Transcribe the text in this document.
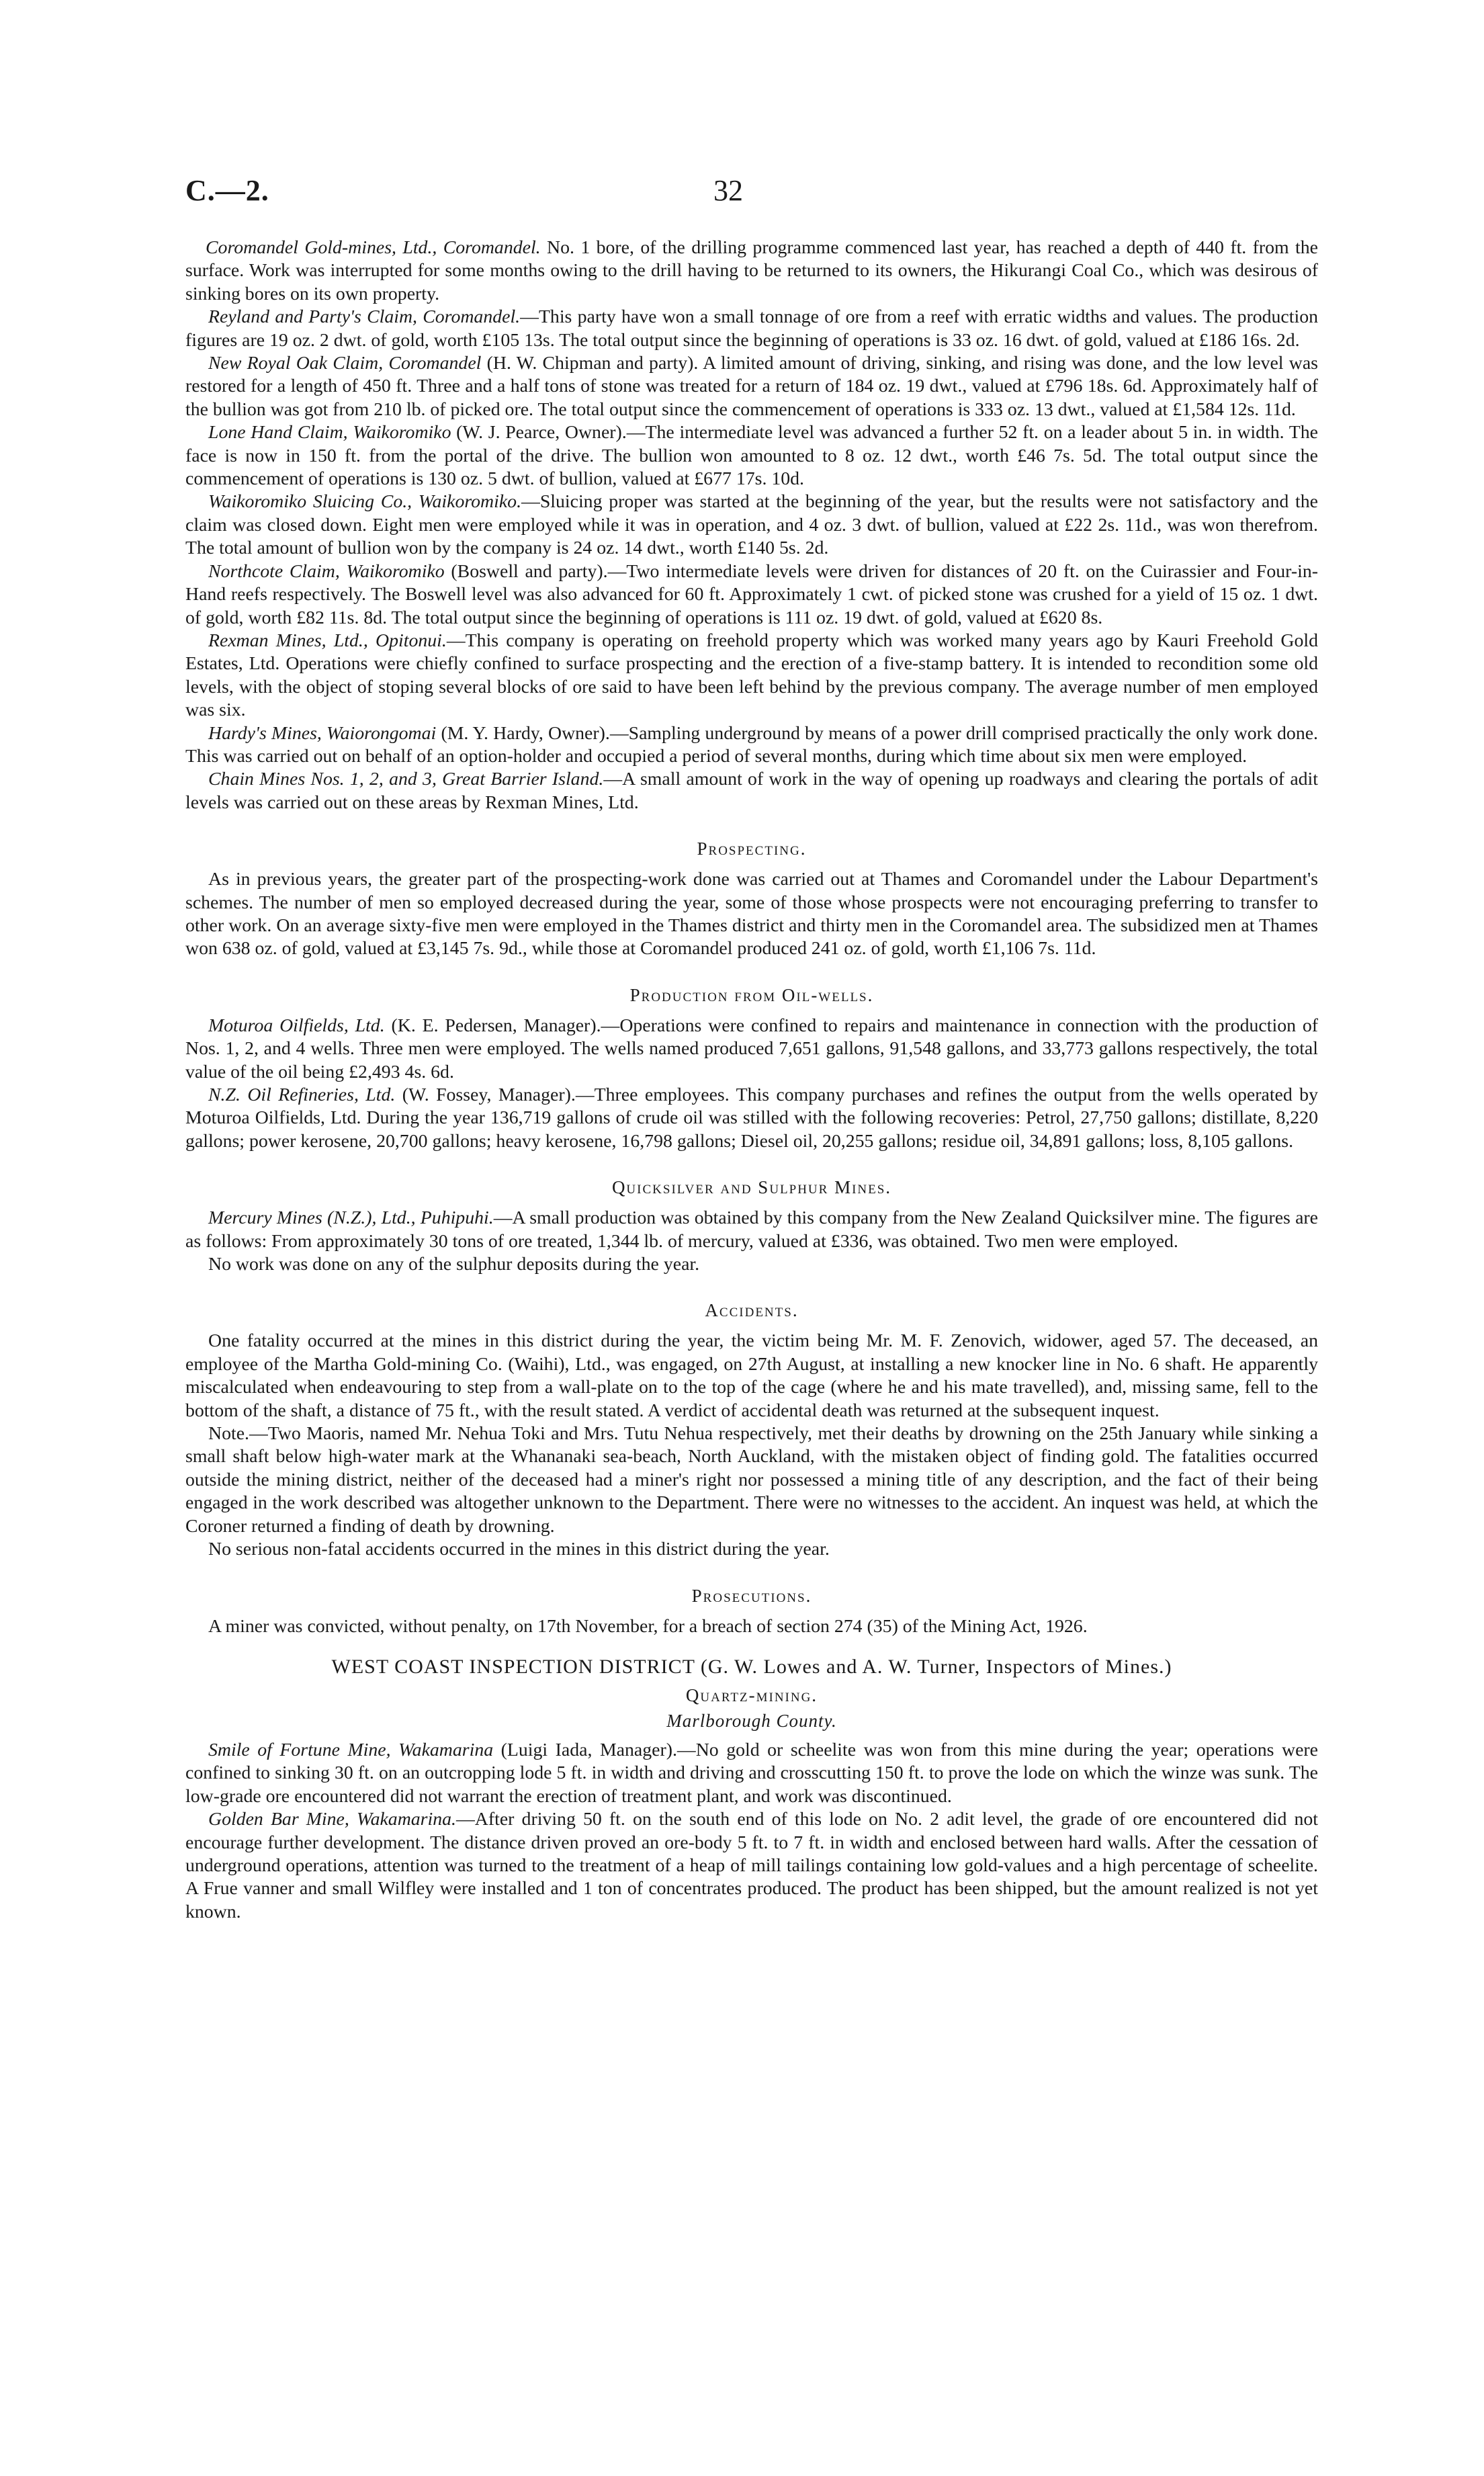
C.—2.	32

Coromandel Gold-mines, Ltd., Coromandel. No. 1 bore, of the drilling programme commenced last year, has reached a depth of 440 ft. from the surface. Work was interrupted for some months owing to the drill having to be returned to its owners, the Hikurangi Coal Co., which was desirous of sinking bores on its own property.

Reyland and Party's Claim, Coromandel.—This party have won a small tonnage of ore from a reef with erratic widths and values. The production figures are 19 oz. 2 dwt. of gold, worth £105 13s. The total output since the beginning of operations is 33 oz. 16 dwt. of gold, valued at £186 16s. 2d.

New Royal Oak Claim, Coromandel (H. W. Chipman and party). A limited amount of driving, sinking, and rising was done, and the low level was restored for a length of 450 ft. Three and a half tons of stone was treated for a return of 184 oz. 19 dwt., valued at £796 18s. 6d. Approximately half of the bullion was got from 210 lb. of picked ore. The total output since the commencement of operations is 333 oz. 13 dwt., valued at £1,584 12s. 11d.

Lone Hand Claim, Waikoromiko (W. J. Pearce, Owner).—The intermediate level was advanced a further 52 ft. on a leader about 5 in. in width. The face is now in 150 ft. from the portal of the drive. The bullion won amounted to 8 oz. 12 dwt., worth £46 7s. 5d. The total output since the commencement of operations is 130 oz. 5 dwt. of bullion, valued at £677 17s. 10d.

Waikoromiko Sluicing Co., Waikoromiko.—Sluicing proper was started at the beginning of the year, but the results were not satisfactory and the claim was closed down. Eight men were employed while it was in operation, and 4 oz. 3 dwt. of bullion, valued at £22 2s. 11d., was won therefrom. The total amount of bullion won by the company is 24 oz. 14 dwt., worth £140 5s. 2d.

Northcote Claim, Waikoromiko (Boswell and party).—Two intermediate levels were driven for distances of 20 ft. on the Cuirassier and Four-in-Hand reefs respectively. The Boswell level was also advanced for 60 ft. Approximately 1 cwt. of picked stone was crushed for a yield of 15 oz. 1 dwt. of gold, worth £82 11s. 8d. The total output since the beginning of operations is 111 oz. 19 dwt. of gold, valued at £620 8s.

Rexman Mines, Ltd., Opitonui.—This company is operating on freehold property which was worked many years ago by Kauri Freehold Gold Estates, Ltd. Operations were chiefly confined to surface prospecting and the erection of a five-stamp battery. It is intended to recondition some old levels, with the object of stoping several blocks of ore said to have been left behind by the previous company. The average number of men employed was six.

Hardy's Mines, Waiorongomai (M. Y. Hardy, Owner).—Sampling underground by means of a power drill comprised practically the only work done. This was carried out on behalf of an option-holder and occupied a period of several months, during which time about six men were employed.

Chain Mines Nos. 1, 2, and 3, Great Barrier Island.—A small amount of work in the way of opening up roadways and clearing the portals of adit levels was carried out on these areas by Rexman Mines, Ltd.

Prospecting.

As in previous years, the greater part of the prospecting-work done was carried out at Thames and Coromandel under the Labour Department's schemes. The number of men so employed decreased during the year, some of those whose prospects were not encouraging preferring to transfer to other work. On an average sixty-five men were employed in the Thames district and thirty men in the Coromandel area. The subsidized men at Thames won 638 oz. of gold, valued at £3,145 7s. 9d., while those at Coromandel produced 241 oz. of gold, worth £1,106 7s. 11d.

Production from Oil-wells.

Moturoa Oilfields, Ltd. (K. E. Pedersen, Manager).—Operations were confined to repairs and maintenance in connection with the production of Nos. 1, 2, and 4 wells. Three men were employed. The wells named produced 7,651 gallons, 91,548 gallons, and 33,773 gallons respectively, the total value of the oil being £2,493 4s. 6d.

N.Z. Oil Refineries, Ltd. (W. Fossey, Manager).—Three employees. This company purchases and refines the output from the wells operated by Moturoa Oilfields, Ltd. During the year 136,719 gallons of crude oil was stilled with the following recoveries: Petrol, 27,750 gallons; distillate, 8,220 gallons; power kerosene, 20,700 gallons; heavy kerosene, 16,798 gallons; Diesel oil, 20,255 gallons; residue oil, 34,891 gallons; loss, 8,105 gallons.

Quicksilver and Sulphur Mines.

Mercury Mines (N.Z.), Ltd., Puhipuhi.—A small production was obtained by this company from the New Zealand Quicksilver mine. The figures are as follows: From approximately 30 tons of ore treated, 1,344 lb. of mercury, valued at £336, was obtained. Two men were employed.

No work was done on any of the sulphur deposits during the year.

Accidents.

One fatality occurred at the mines in this district during the year, the victim being Mr. M. F. Zenovich, widower, aged 57. The deceased, an employee of the Martha Gold-mining Co. (Waihi), Ltd., was engaged, on 27th August, at installing a new knocker line in No. 6 shaft. He apparently miscalculated when endeavouring to step from a wall-plate on to the top of the cage (where he and his mate travelled), and, missing same, fell to the bottom of the shaft, a distance of 75 ft., with the result stated. A verdict of accidental death was returned at the subsequent inquest.

Note.—Two Maoris, named Mr. Nehua Toki and Mrs. Tutu Nehua respectively, met their deaths by drowning on the 25th January while sinking a small shaft below high-water mark at the Whananaki sea-beach, North Auckland, with the mistaken object of finding gold. The fatalities occurred outside the mining district, neither of the deceased had a miner's right nor possessed a mining title of any description, and the fact of their being engaged in the work described was altogether unknown to the Department. There were no witnesses to the accident. An inquest was held, at which the Coroner returned a finding of death by drowning.

No serious non-fatal accidents occurred in the mines in this district during the year.

Prosecutions.

A miner was convicted, without penalty, on 17th November, for a breach of section 274 (35) of the Mining Act, 1926.

WEST COAST INSPECTION DISTRICT (G. W. Lowes and A. W. Turner, Inspectors of Mines.)
Quartz-mining.
Marlborough County.

Smile of Fortune Mine, Wakamarina (Luigi Iada, Manager).—No gold or scheelite was won from this mine during the year; operations were confined to sinking 30 ft. on an outcropping lode 5 ft. in width and driving and crosscutting 150 ft. to prove the lode on which the winze was sunk. The low-grade ore encountered did not warrant the erection of treatment plant, and work was discontinued.

Golden Bar Mine, Wakamarina.—After driving 50 ft. on the south end of this lode on No. 2 adit level, the grade of ore encountered did not encourage further development. The distance driven proved an ore-body 5 ft. to 7 ft. in width and enclosed between hard walls. After the cessation of underground operations, attention was turned to the treatment of a heap of mill tailings containing low gold-values and a high percentage of scheelite. A Frue vanner and small Wilfley were installed and 1 ton of concentrates produced. The product has been shipped, but the amount realized is not yet known.
